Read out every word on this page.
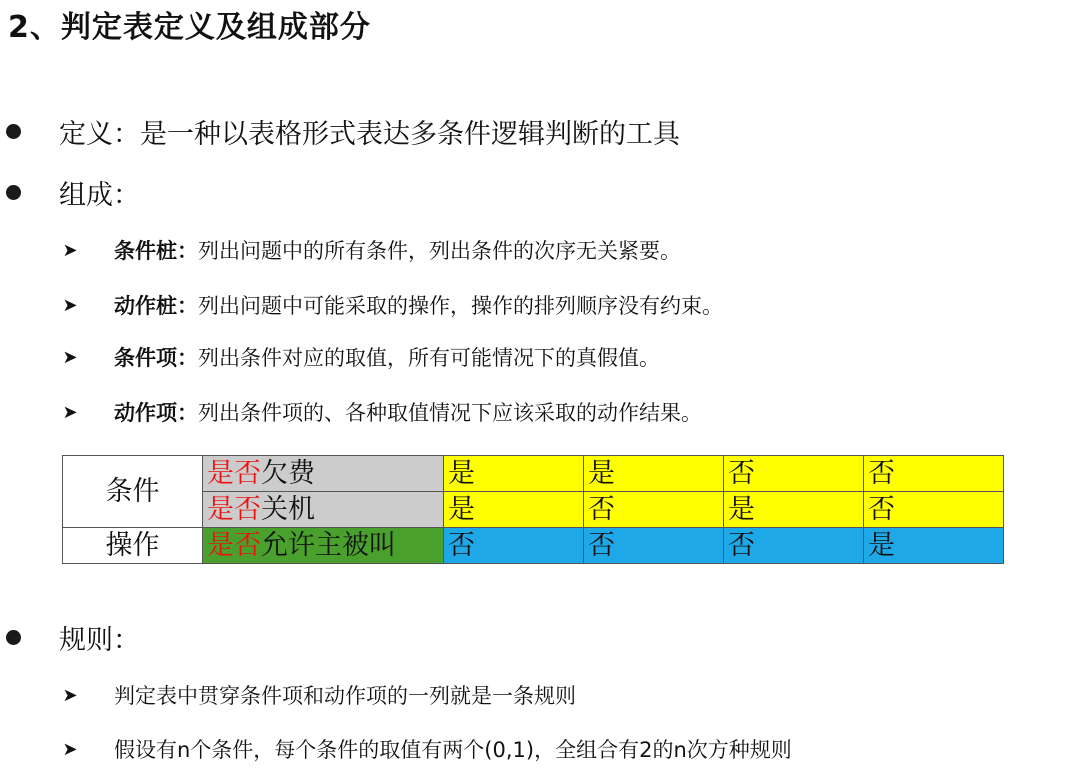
2、判定表定义及组成部分
定义：是一种以表格形式表达多条件逻辑判断的工具
组成：
➤ 条件桩： 列出问题中的所有条件，列出条件的次序无关紧要。
➤ 动作桩： 列出问题中可能采取的操作，操作的排列顺序没有约束。
➤ 条件项： 列出条件对应的取值，所有可能情况下的真假值。
➤ 动作项： 列出条件项的、各种取值情况下应该采取的动作结果。
条件	是否欠费	是	是	否	否
	是否关机	是	否	是	否
操作	是否允许主被叫	否	否	否	是
规则：
➤ 判定表中贯穿条件项和动作项的一列就是一条规则
➤ 假设有n个条件，每个条件的取值有两个(0,1)，全组合有2的n次方种规则
